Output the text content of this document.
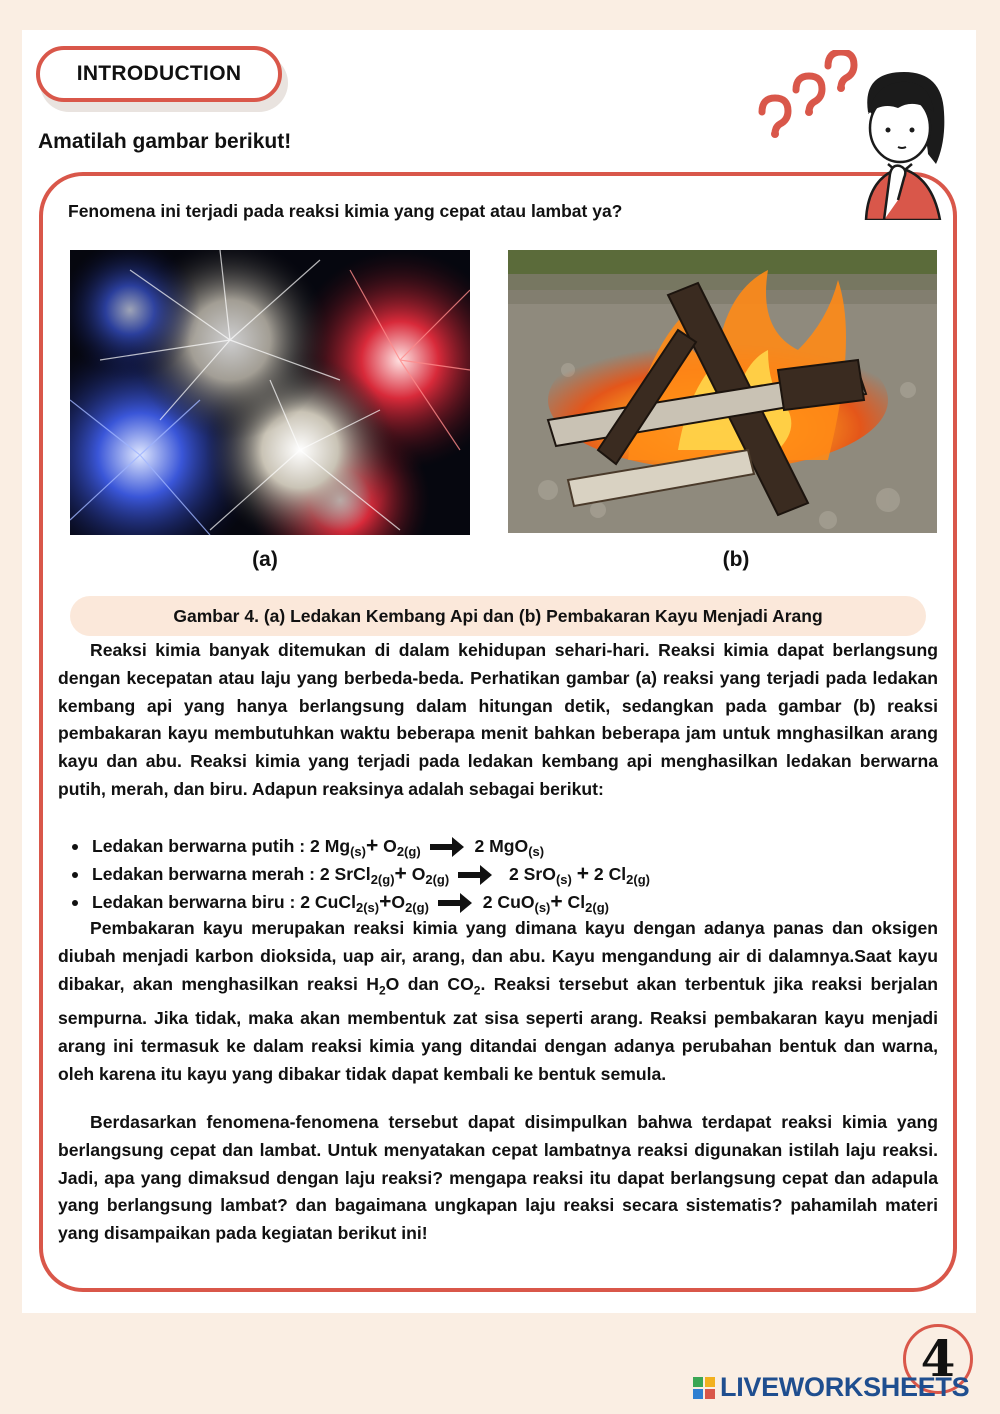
INTRODUCTION
Amatilah gambar berikut!
Fenomena ini terjadi pada reaksi kimia yang cepat atau lambat ya?
(a)	(b)
Gambar 4. (a) Ledakan Kembang Api dan (b) Pembakaran Kayu Menjadi Arang

Reaksi kimia banyak ditemukan di dalam kehidupan sehari-hari. Reaksi kimia dapat berlangsung dengan kecepatan atau laju yang berbeda-beda. Perhatikan gambar (a) reaksi yang terjadi pada ledakan kembang api yang hanya berlangsung dalam hitungan detik, sedangkan pada gambar (b) reaksi pembakaran kayu membutuhkan waktu beberapa menit bahkan beberapa jam untuk mnghasilkan arang kayu dan abu. Reaksi kimia yang terjadi pada ledakan kembang api menghasilkan ledakan berwarna putih, merah, dan biru. Adapun reaksinya adalah sebagai berikut:

Ledakan berwarna putih : 2 $Mg_{(s)}+ O_{2(g)} \to 2$ MgO$_{(s)}$
Ledakan berwarna merah : 2 SrCl$_{2(g)}$+ $O_{2(g)} \to 2$ SrO$_{(s)}$ + 2 $Cl_{2(g)}$
Ledakan berwarna biru : 2 $CuCl_{2(s)}+O_{2(g)} \to 2$ $CuO_{(s)}+ Cl_{2(g)}$

Pembakaran kayu merupakan reaksi kimia yang dimana kayu dengan adanya panas dan oksigen diubah menjadi karbon dioksida, uap air, arang, dan abu. Kayu mengandung air di dalamnya.Saat kayu dibakar, akan menghasilkan reaksi $H_2O$ dan $CO_2$. Reaksi tersebut akan terbentuk jika reaksi berjalan sempurna. Jika tidak, maka akan membentuk zat sisa seperti arang. Reaksi pembakaran kayu menjadi arang ini termasuk ke dalam reaksi kimia yang ditandai dengan adanya perubahan bentuk dan warna, oleh karena itu kayu yang dibakar tidak dapat kembali ke bentuk semula.

Berdasarkan fenomena-fenomena tersebut dapat disimpulkan bahwa terdapat reaksi kimia yang berlangsung cepat dan lambat. Untuk menyatakan cepat lambatnya reaksi digunakan istilah laju reaksi. Jadi, apa yang dimaksud dengan laju reaksi? mengapa reaksi itu dapat berlangsung cepat dan adapula yang berlangsung lambat? dan bagaimana ungkapan laju reaksi secara sistematis? pahamilah materi yang disampaikan pada kegiatan berikut ini!

4
LIVEWORKSHEETS
